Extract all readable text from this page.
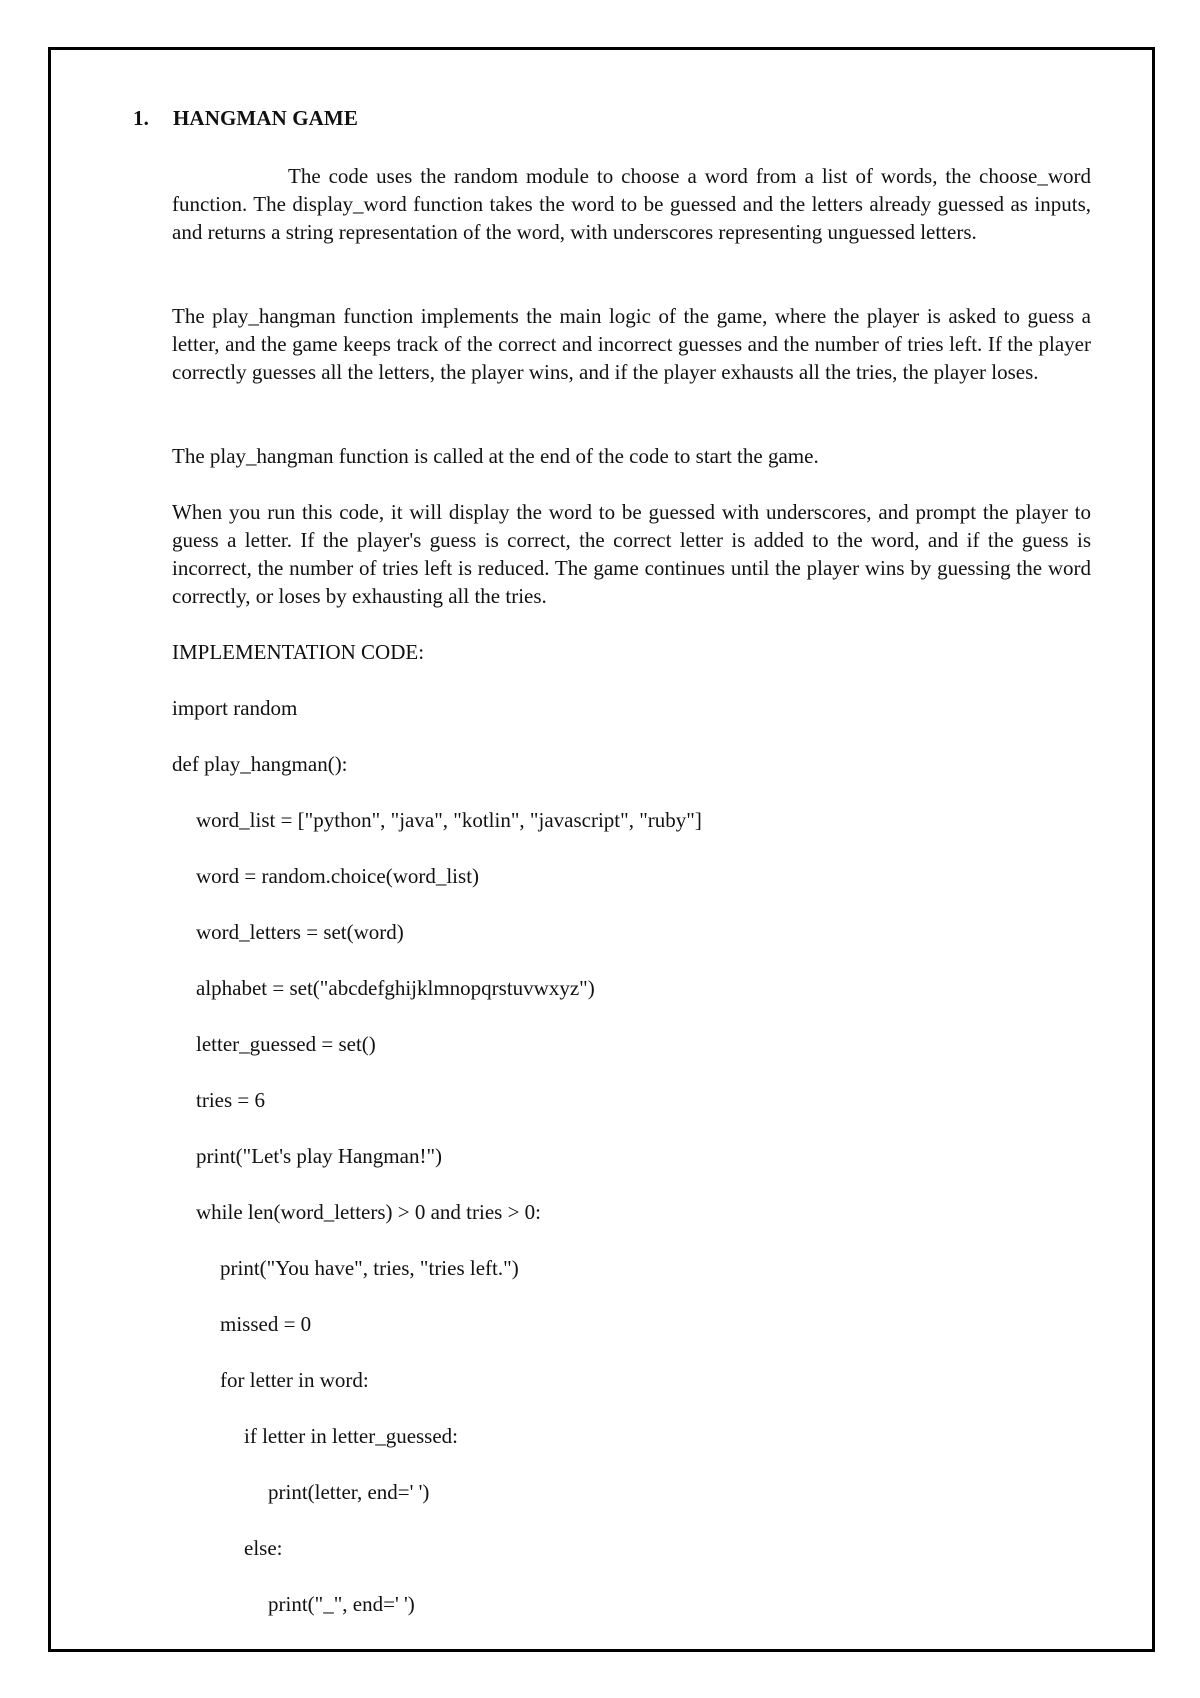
1. HANGMAN GAME

The code uses the random module to choose a word from a list of words, the choose_word function. The display_word function takes the word to be guessed and the letters already guessed as inputs, and returns a string representation of the word, with underscores representing unguessed letters.

The play_hangman function implements the main logic of the game, where the player is asked to guess a letter, and the game keeps track of the correct and incorrect guesses and the number of tries left. If the player correctly guesses all the letters, the player wins, and if the player exhausts all the tries, the player loses.

The play_hangman function is called at the end of the code to start the game.

When you run this code, it will display the word to be guessed with underscores, and prompt the player to guess a letter. If the player's guess is correct, the correct letter is added to the word, and if the guess is incorrect, the number of tries left is reduced. The game continues until the player wins by guessing the word correctly, or loses by exhausting all the tries.

IMPLEMENTATION CODE:

import random

def play_hangman():

word_list = ["python", "java", "kotlin", "javascript", "ruby"]

word = random.choice(word_list)

word_letters = set(word)

alphabet = set("abcdefghijklmnopqrstuvwxyz")

letter_guessed = set()

tries = 6

print("Let's play Hangman!")

while len(word_letters) > 0 and tries > 0:

print("You have", tries, "tries left.")

missed = 0

for letter in word:

if letter in letter_guessed:

print(letter, end=' ')

else:

print("_", end=' ')
